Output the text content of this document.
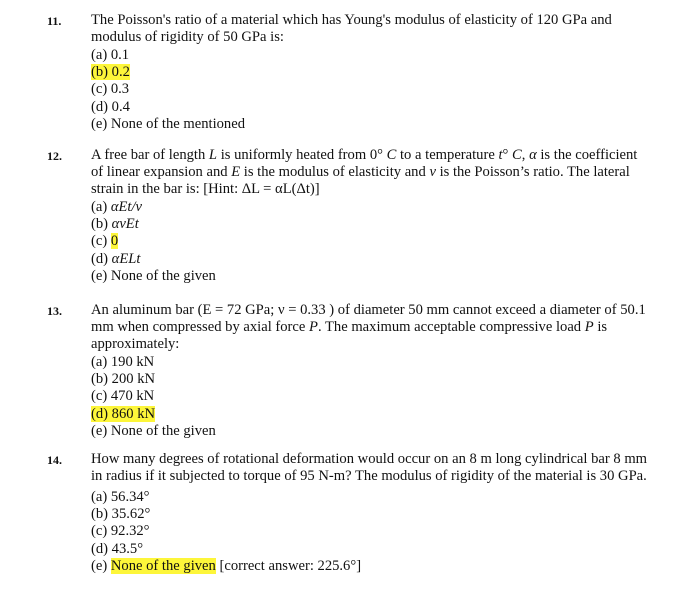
11. The Poisson's ratio of a material which has Young's modulus of elasticity of 120 GPa and modulus of rigidity of 50 GPa is:
(a) 0.1
(b) 0.2
(c) 0.3
(d) 0.4
(e) None of the mentioned
12. A free bar of length L is uniformly heated from 0° C to a temperature t° C, α is the coefficient of linear expansion and E is the modulus of elasticity and ν is the Poisson’s ratio. The lateral strain in the bar is: [Hint: ΔL = αL(Δt)]
(a) αEt/ν
(b) ανEt
(c) 0
(d) αELt
(e) None of the given
13. An aluminum bar (E = 72 GPa; ν = 0.33 ) of diameter 50 mm cannot exceed a diameter of 50.1 mm when compressed by axial force P. The maximum acceptable compressive load P is approximately:
(a) 190 kN
(b) 200 kN
(c) 470 kN
(d) 860 kN
(e) None of the given
14. How many degrees of rotational deformation would occur on an 8 m long cylindrical bar 8 mm in radius if it subjected to torque of 95 N-m? The modulus of rigidity of the material is 30 GPa.
(a) 56.34°
(b) 35.62°
(c) 92.32°
(d) 43.5°
(e) None of the given [correct answer: 225.6°]
